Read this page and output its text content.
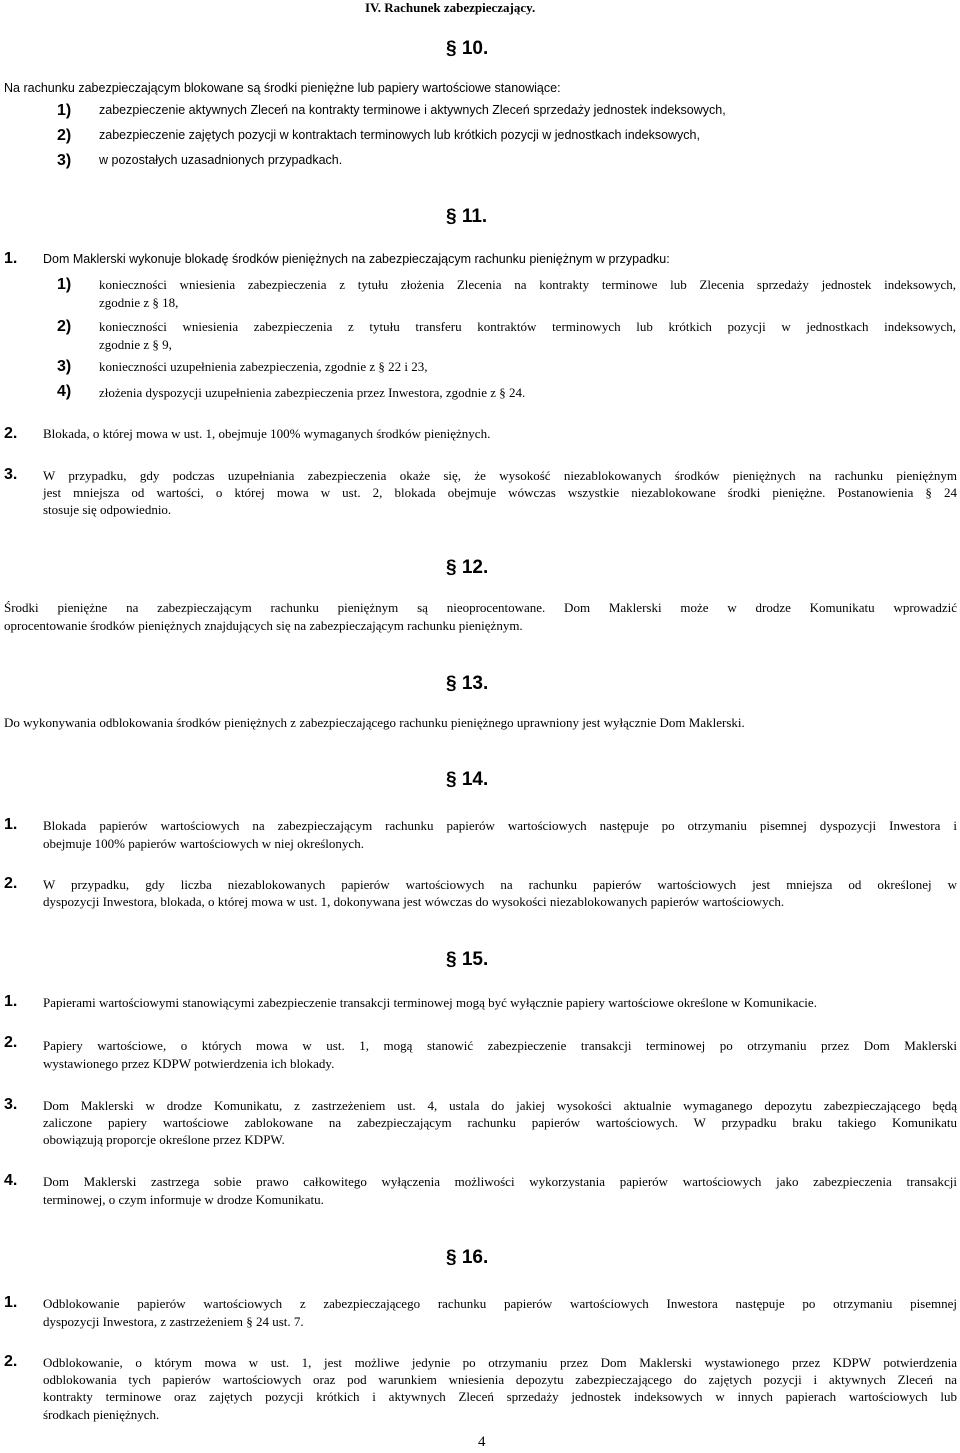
IV. Rachunek zabezpieczający.
§ 10.
Na rachunku zabezpieczającym blokowane są środki pieniężne lub papiery wartościowe stanowiące:
1) zabezpieczenie aktywnych Zleceń na kontrakty terminowe i aktywnych Zleceń sprzedaży jednostek indeksowych,
2) zabezpieczenie zajętych pozycji w kontraktach terminowych lub krótkich pozycji w jednostkach indeksowych,
3) w pozostałych uzasadnionych przypadkach.
§ 11.
1. Dom Maklerski wykonuje blokadę środków pieniężnych na zabezpieczającym rachunku pieniężnym w przypadku:
1) konieczności wniesienia zabezpieczenia z tytułu złożenia Zlecenia na kontrakty terminowe lub Zlecenia sprzedaży jednostek indeksowych,
zgodnie z § 18,
2) konieczności wniesienia zabezpieczenia z tytułu transferu kontraktów terminowych lub krótkich pozycji w jednostkach indeksowych,
zgodnie z § 9,
3) konieczności uzupełnienia zabezpieczenia, zgodnie z § 22 i 23,
4) złożenia dyspozycji uzupełnienia zabezpieczenia przez Inwestora, zgodnie z § 24.
2. Blokada, o której mowa w ust. 1, obejmuje 100% wymaganych środków pieniężnych.
3. W przypadku, gdy podczas uzupełniania zabezpieczenia okaże się, że wysokość niezablokowanych środków pieniężnych na rachunku pieniężnym
jest mniejsza od wartości, o której mowa w ust. 2, blokada obejmuje wówczas wszystkie niezablokowane środki pieniężne. Postanowienia § 24
stosuje się odpowiednio.
§ 12.
Środki pieniężne na zabezpieczającym rachunku pieniężnym są nieoprocentowane. Dom Maklerski może w drodze Komunikatu wprowadzić
oprocentowanie środków pieniężnych znajdujących się na zabezpieczającym rachunku pieniężnym.
§ 13.
Do wykonywania odblokowania środków pieniężnych z zabezpieczającego rachunku pieniężnego uprawniony jest wyłącznie Dom Maklerski.
§ 14.
1. Blokada papierów wartościowych na zabezpieczającym rachunku papierów wartościowych następuje po otrzymaniu pisemnej dyspozycji Inwestora i
obejmuje 100% papierów wartościowych w niej określonych.
2. W przypadku, gdy liczba niezablokowanych papierów wartościowych na rachunku papierów wartościowych jest mniejsza od określonej w
dyspozycji Inwestora, blokada, o której mowa w ust. 1, dokonywana jest wówczas do wysokości niezablokowanych papierów wartościowych.
§ 15.
1. Papierami wartościowymi stanowiącymi zabezpieczenie transakcji terminowej mogą być wyłącznie papiery wartościowe określone w Komunikacie.
2. Papiery wartościowe, o których mowa w ust. 1, mogą stanowić zabezpieczenie transakcji terminowej po otrzymaniu przez Dom Maklerski
wystawionego przez KDPW potwierdzenia ich blokady.
3. Dom Maklerski w drodze Komunikatu, z zastrzeżeniem ust. 4, ustala do jakiej wysokości aktualnie wymaganego depozytu zabezpieczającego będą
zaliczone papiery wartościowe zablokowane na zabezpieczającym rachunku papierów wartościowych. W przypadku braku takiego Komunikatu
obowiązują proporcje określone przez KDPW.
4. Dom Maklerski zastrzega sobie prawo całkowitego wyłączenia możliwości wykorzystania papierów wartościowych jako zabezpieczenia transakcji
terminowej, o czym informuje w drodze Komunikatu.
§ 16.
1. Odblokowanie papierów wartościowych z zabezpieczającego rachunku papierów wartościowych Inwestora następuje po otrzymaniu pisemnej
dyspozycji Inwestora, z zastrzeżeniem § 24 ust. 7.
2. Odblokowanie, o którym mowa w ust. 1, jest możliwe jedynie po otrzymaniu przez Dom Maklerski wystawionego przez KDPW potwierdzenia
odblokowania tych papierów wartościowych oraz pod warunkiem wniesienia depozytu zabezpieczającego do zajętych pozycji i aktywnych Zleceń na
kontrakty terminowe oraz zajętych pozycji krótkich i aktywnych Zleceń sprzedaży jednostek indeksowych w innych papierach wartościowych lub
środkach pieniężnych.
4
